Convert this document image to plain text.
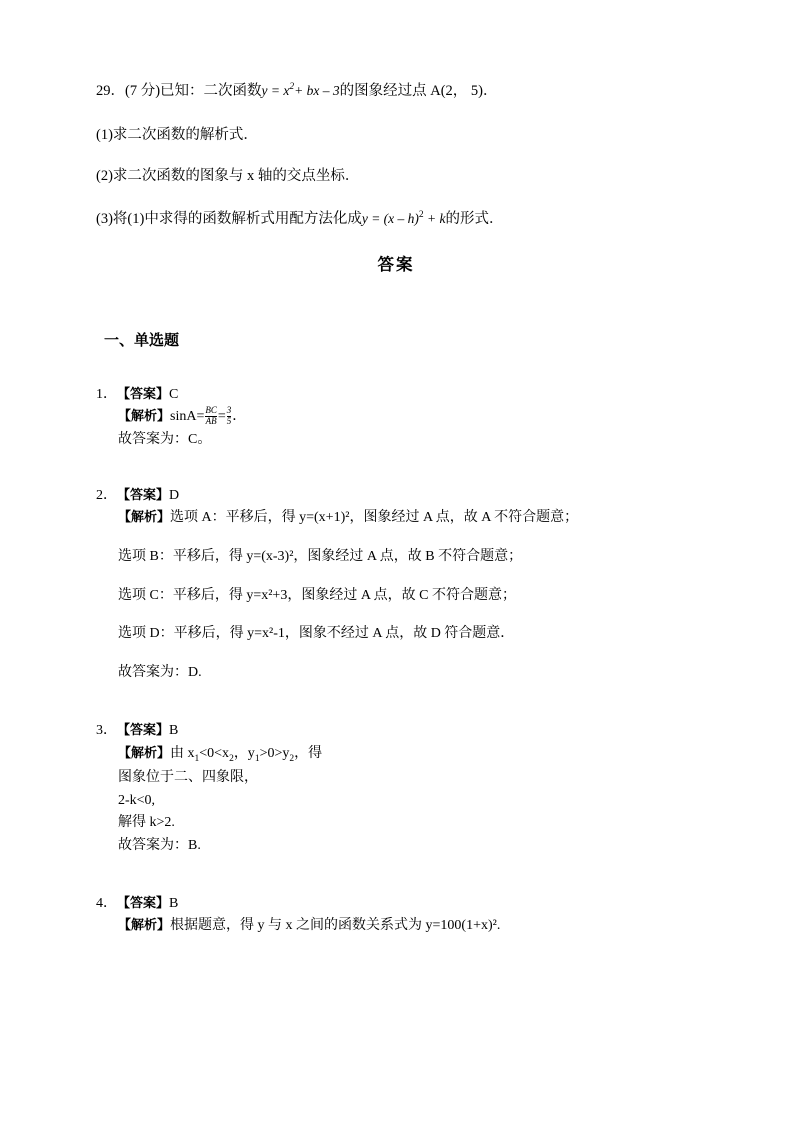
29．(7 分)已知：二次函数$y = x^2+$ bx – 3的图象经过点 A(2， 5)．
(1)求二次函数的解析式．
(2)求二次函数的图象与 x 轴的交点坐标．
(3)将(1)中求得的函数解析式用配方法化成y = (x – h)$^2$ + k的形式．
答案
一、单选题
1．【答案】C
【解析】$\sin A=\frac{BC}{AB} =\frac{3}{5}$ ．
故答案为：C。
2．【答案】D
【解析】选项 A：平移后，得 y=(x+1)²，图象经过 A 点，故 A 不符合题意；
选项 B：平移后，得 y=(x-3)²，图象经过 A 点，故 B 不符合题意；
选项 C：平移后，得 y=x²+3，图象经过 A 点，故 C 不符合题意；
选项 D：平移后，得 y=x²-1，图象不经过 A 点，故 D 符合题意．
故答案为：D.
3．【答案】B
【解析】由 $x_1<0<x_2$，$y_1>0>y_2$，得
图象位于二、四象限，
2-k<0,
解得 k>2.
故答案为：B.
4．【答案】B
【解析】根据题意，得 y 与 x 之间的函数关系式为 y=100(1+x)².
